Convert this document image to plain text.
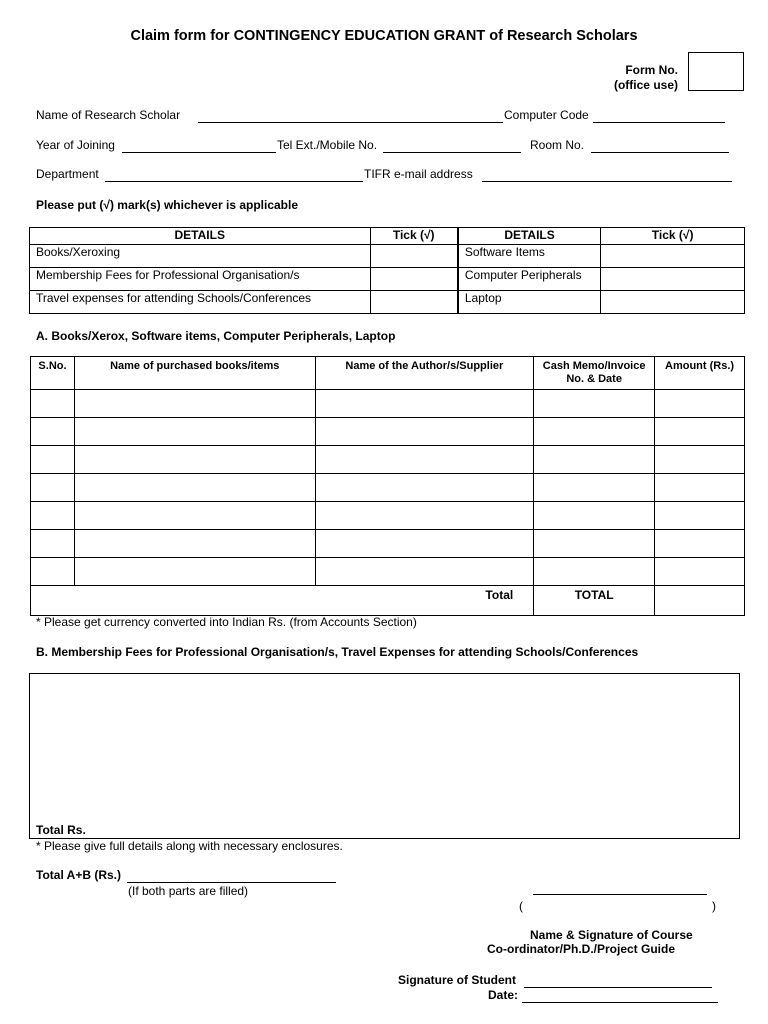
Claim form for CONTINGENCY EDUCATION GRANT of Research Scholars
Form No.
(office use)
Name of Research Scholar	Computer Code
Year of Joining	Tel Ext./Mobile No.	Room No.
Department	TIFR e-mail address
Please put (√) mark(s) whichever is applicable
DETAILS	Tick (√)	DETAILS	Tick (√)
Books/Xeroxing		Software Items	
Membership Fees for Professional Organisation/s		Computer Peripherals	
Travel expenses for attending Schools/Conferences		Laptop	
A. Books/Xerox, Software items, Computer Peripherals, Laptop
S.No.	Name of purchased books/items	Name of the Author/s/Supplier	Cash Memo/Invoice No. & Date	Amount (Rs.)

		Total	TOTAL	
* Please get currency converted into Indian Rs. (from Accounts Section)
B. Membership Fees for Professional Organisation/s, Travel Expenses for attending Schools/Conferences
Total Rs.
* Please give full details along with necessary enclosures.
Total A+B (Rs.)
(If both parts are filled)
(	)
Name & Signature of Course
Co-ordinator/Ph.D./Project Guide
Signature of Student
Date:
